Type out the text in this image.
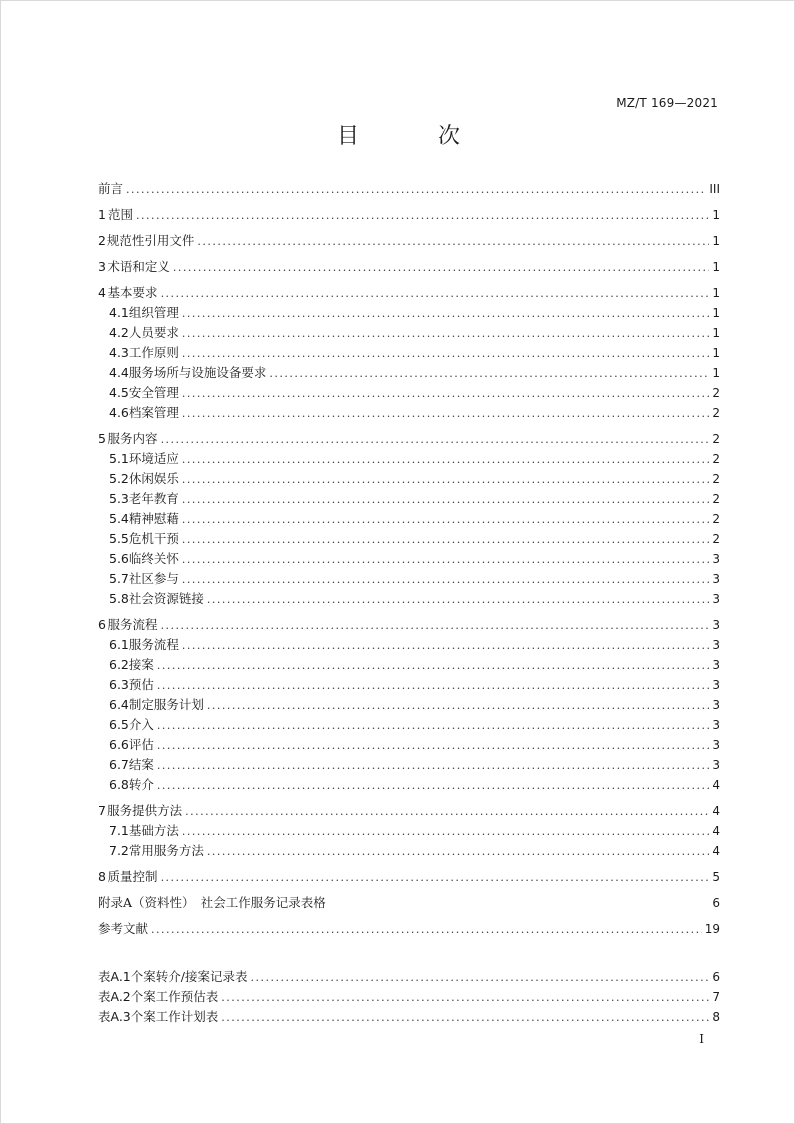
MZ/T 169—2021
目 次
前言 .....	III
1 范围 .....	1
2 规范性引用文件 .....	1
3 术语和定义 .....	1
4 基本要求 .....	1
4.1 组织管理 .....	1
4.2 人员要求 .....	1
4.3 工作原则 .....	1
4.4 服务场所与设施设备要求 .....	1
4.5 安全管理 .....	2
4.6 档案管理 .....	2
5 服务内容 .....	2
5.1 环境适应 .....	2
5.2 休闲娱乐 .....	2
5.3 老年教育 .....	2
5.4 精神慰藉 .....	2
5.5 危机干预 .....	2
5.6 临终关怀 .....	3
5.7 社区参与 .....	3
5.8 社会资源链接 .....	3
6 服务流程 .....	3
6.1 服务流程 .....	3
6.2 接案 .....	3
6.3 预估 .....	3
6.4 制定服务计划 .....	3
6.5 介入 .....	3
6.6 评估 .....	3
6.7 结案 .....	3
6.8 转介 .....	4
7 服务提供方法 .....	4
7.1 基础方法 .....	4
7.2 常用服务方法 .....	4
8 质量控制 .....	5
附录A（资料性）　社会工作服务记录表格	6
参考文献 .....	19
表A.1 个案转介/接案记录表 .....	6
表A.2 个案工作预估表 .....	7
表A.3 个案工作计划表 .....	8
I
